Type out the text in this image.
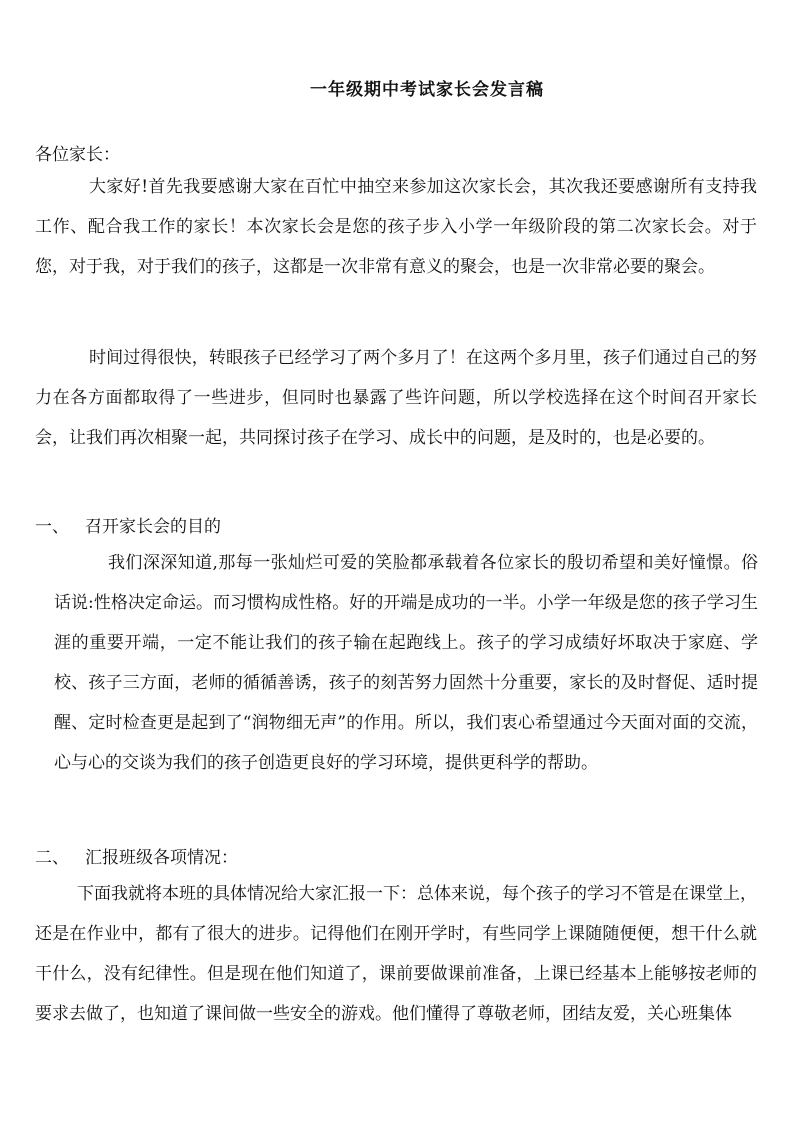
一年级期中考试家长会发言稿
各位家长：

大家好!首先我要感谢大家在百忙中抽空来参加这次家长会，其次我还要感谢所有支持我工作、配合我工作的家长！本次家长会是您的孩子步入小学一年级阶段的第二次家长会。对于您，对于我，对于我们的孩子，这都是一次非常有意义的聚会，也是一次非常必要的聚会。

时间过得很快，转眼孩子已经学习了两个多月了！在这两个多月里，孩子们通过自己的努力在各方面都取得了一些进步，但同时也暴露了些许问题，所以学校选择在这个时间召开家长会，让我们再次相聚一起，共同探讨孩子在学习、成长中的问题，是及时的，也是必要的。

一、 召开家长会的目的

我们深深知道,那每一张灿烂可爱的笑脸都承载着各位家长的殷切希望和美好憧憬。俗话说:性格决定命运。而习惯构成性格。好的开端是成功的一半。小学一年级是您的孩子学习生涯的重要开端，一定不能让我们的孩子输在起跑线上。孩子的学习成绩好坏取决于家庭、学校、孩子三方面，老师的循循善诱，孩子的刻苦努力固然十分重要，家长的及时督促、适时提醒、定时检查更是起到了“润物细无声”的作用。所以，我们衷心希望通过今天面对面的交流，心与心的交谈为我们的孩子创造更良好的学习环境，提供更科学的帮助。

二、 汇报班级各项情况：

下面我就将本班的具体情况给大家汇报一下：总体来说，每个孩子的学习不管是在课堂上，还是在作业中，都有了很大的进步。记得他们在刚开学时，有些同学上课随随便便，想干什么就干什么，没有纪律性。但是现在他们知道了，课前要做课前准备，上课已经基本上能够按老师的要求去做了，也知道了课间做一些安全的游戏。他们懂得了尊敬老师，团结友爱，关心班集体
